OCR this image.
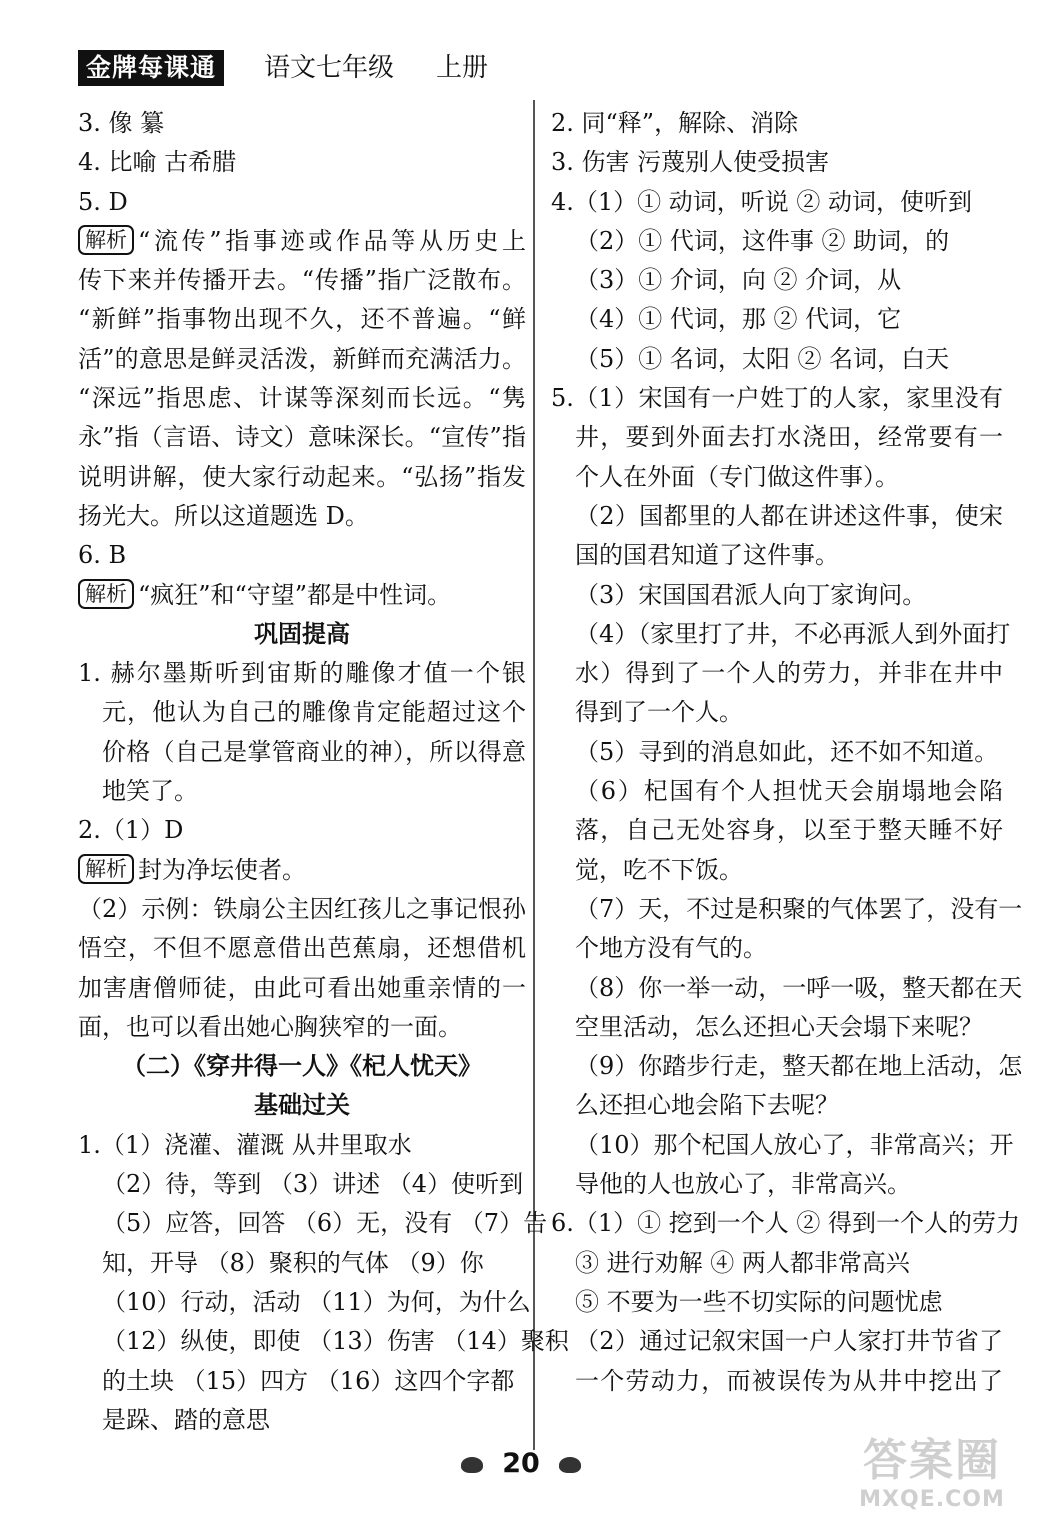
金牌每课通	语文七年级 上册
3. 像 纂
4. 比喻 古希腊
5. D
解析 “流传”指事迹或作品等从历史上
传下来并传播开去。“传播”指广泛散布。
“新鲜”指事物出现不久，还不普遍。“鲜
活”的意思是鲜灵活泼，新鲜而充满活力。
“深远”指思虑、计谋等深刻而长远。“隽
永”指（言语、诗文）意味深长。“宣传”指
说明讲解，使大家行动起来。“弘扬”指发
扬光大。所以这道题选 D。
6. B
解析 “疯狂”和“守望”都是中性词。
巩固提高
1. 赫尔墨斯听到宙斯的雕像才值一个银
元，他认为自己的雕像肯定能超过这个
价格（自己是掌管商业的神），所以得意
地笑了。
2.（1）D
解析 封为净坛使者。
（2）示例：铁扇公主因红孩儿之事记恨孙
悟空，不但不愿意借出芭蕉扇，还想借机
加害唐僧师徒，由此可看出她重亲情的一
面，也可以看出她心胸狭窄的一面。
（二）《穿井得一人》《杞人忧天》
基础过关
1.（1）浇灌、灌溉 从井里取水
（2）待，等到 （3）讲述 （4）使听到
（5）应答，回答 （6）无，没有 （7）告
知，开导 （8）聚积的气体 （9）你
（10）行动，活动 （11）为何，为什么
（12）纵使，即使 （13）伤害 （14）聚积
的土块 （15）四方 （16）这四个字都
是跺、踏的意思
2. 同“释”，解除、消除
3. 伤害 污蔑别人使受损害
4.（1）① 动词，听说 ② 动词，使听到
（2）① 代词，这件事 ② 助词，的
（3）① 介词，向 ② 介词，从
（4）① 代词，那 ② 代词，它
（5）① 名词，太阳 ② 名词，白天
5.（1）宋国有一户姓丁的人家，家里没有
井，要到外面去打水浇田，经常要有一
个人在外面（专门做这件事）。
（2）国都里的人都在讲述这件事，使宋
国的国君知道了这件事。
（3）宋国国君派人向丁家询问。
（4）（家里打了井，不必再派人到外面打
水）得到了一个人的劳力，并非在井中
得到了一个人。
（5）寻到的消息如此，还不如不知道。
（6）杞国有个人担忧天会崩塌地会陷
落，自己无处容身，以至于整天睡不好
觉，吃不下饭。
（7）天，不过是积聚的气体罢了，没有一
个地方没有气的。
（8）你一举一动，一呼一吸，整天都在天
空里活动，怎么还担心天会塌下来呢？
（9）你踏步行走，整天都在地上活动，怎
么还担心地会陷下去呢？
（10）那个杞国人放心了，非常高兴；开
导他的人也放心了，非常高兴。
6.（1）① 挖到一个人 ② 得到一个人的劳力
③ 进行劝解 ④ 两人都非常高兴
⑤ 不要为一些不切实际的问题忧虑
（2）通过记叙宋国一户人家打井节省了
一个劳动力，而被误传为从井中挖出了
20	答案圈
MXQE.COM
